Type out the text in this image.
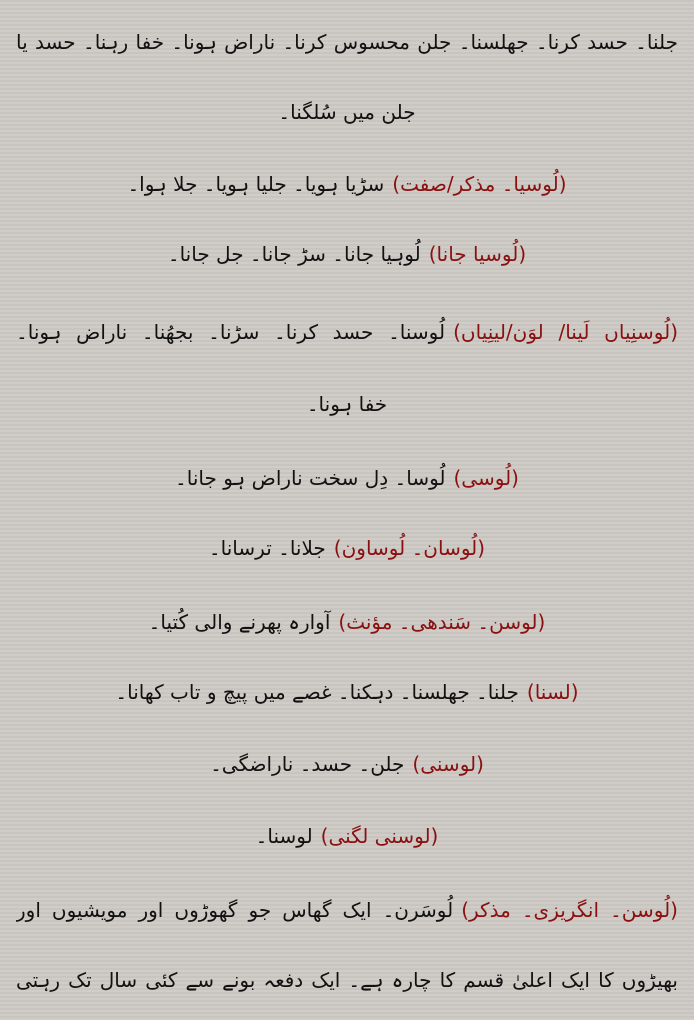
جلنا۔ حسد کرنا۔ جھلسنا۔ جلن محسوس کرنا۔ ناراض ہونا۔ خفا رہنا۔ حسد یا
جلن میں سُلگنا۔
(لُوسیا۔ مذکر/صفت)سڑیا ہویا۔ جلیا ہویا۔ جلا ہوا۔
(لُوسیا جانا)لُوہیا جانا۔ سڑ جانا۔ جل جانا۔
(لُوسنِیاں لَینا/ لوَن/لینِیاں)لُوسنا۔ حسد کرنا۔ سڑنا۔ بجھُنا۔ ناراض ہونا۔
خفا ہونا۔
(لُوسی)لُوسا۔ دِل سخت ناراض ہو جانا۔
(لُوسان۔ لُوساون)جلانا۔ ترسانا۔
(لوسن۔ سَندھی۔ مؤنث)آوارہ پھرنے والی کُتیا۔
(لسنا)جلنا۔ جھلسنا۔ دہکنا۔ غصے میں پیچ و تاب کھانا۔
(لوسنی)جلن۔ حسد۔ ناراضگی۔
(لوسنی لگنی)لوسنا۔
(لُوسن۔ انگریزی۔ مذکر)لُوسَرن۔ ایک گھاس جو گھوڑوں اور مویشیوں اور
بھیڑوں کا ایک اعلیٰ قسم کا چارہ ہے۔ ایک دفعہ بونے سے کئی سال تک رہتی
